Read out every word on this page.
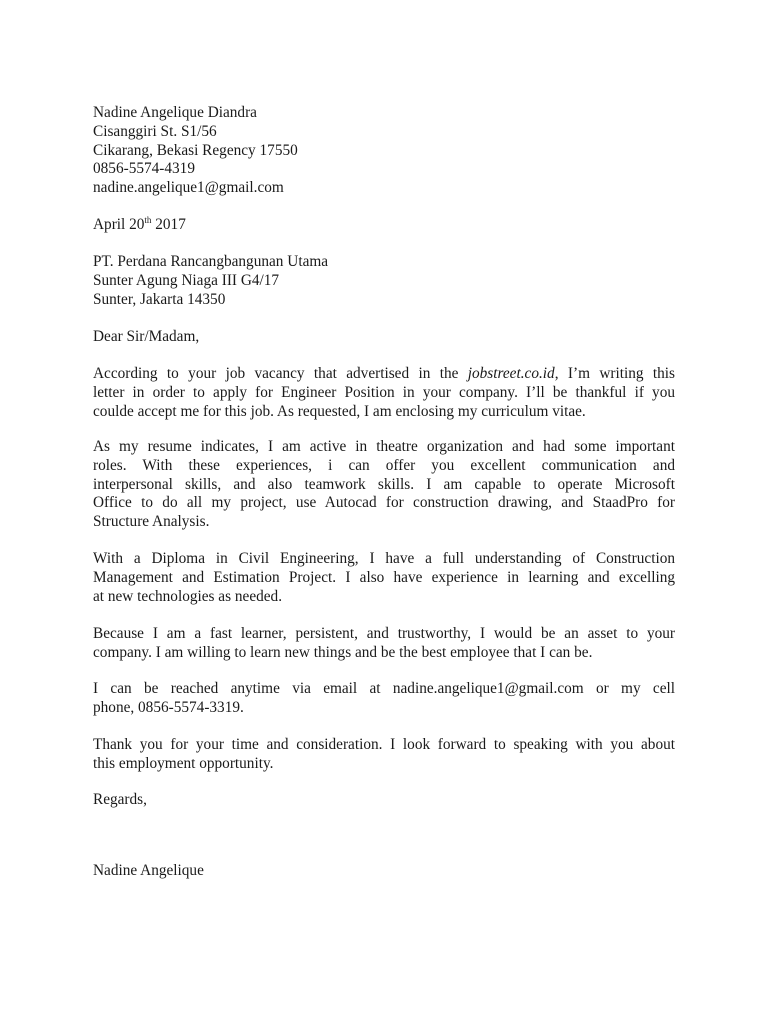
Nadine Angelique Diandra
Cisanggiri St. S1/56
Cikarang, Bekasi Regency 17550
0856-5574-4319
nadine.angelique1@gmail.com
April 20th 2017
PT. Perdana Rancangbangunan Utama
Sunter Agung Niaga III G4/17
Sunter, Jakarta 14350
Dear Sir/Madam,
According to your job vacancy that advertised in the jobstreet.co.id, I’m writing this
letter in order to apply for Engineer Position in your company. I’ll be thankful if you
coulde accept me for this job. As requested, I am enclosing my curriculum vitae.
As my resume indicates, I am active in theatre organization and had some important
roles. With these experiences, i can offer you excellent communication and
interpersonal skills, and also teamwork skills. I am capable to operate Microsoft
Office to do all my project, use Autocad for construction drawing, and StaadPro for
Structure Analysis.
With a Diploma in Civil Engineering, I have a full understanding of Construction
Management and Estimation Project. I also have experience in learning and excelling
at new technologies as needed.
Because I am a fast learner, persistent, and trustworthy, I would be an asset to your
company. I am willing to learn new things and be the best employee that I can be.
I can be reached anytime via email at nadine.angelique1@gmail.com or my cell
phone, 0856-5574-3319.
Thank you for your time and consideration. I look forward to speaking with you about
this employment opportunity.
Regards,
Nadine Angelique
